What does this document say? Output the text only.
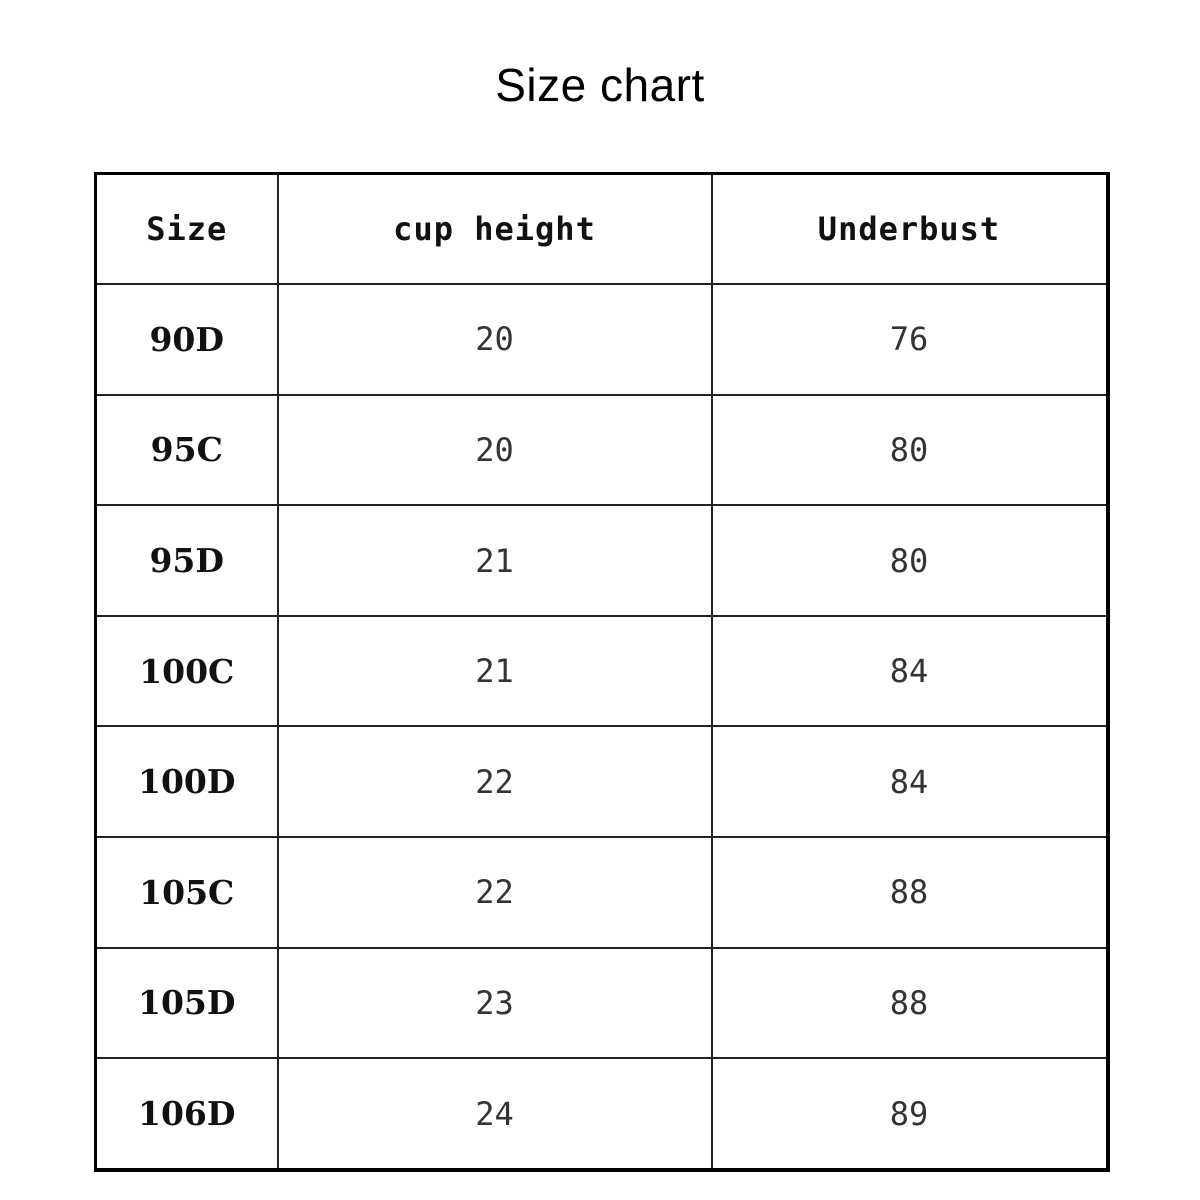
Size chart
Size	cup height	Underbust
90D	20	76
95C	20	80
95D	21	80
100C	21	84
100D	22	84
105C	22	88
105D	23	88
106D	24	89
